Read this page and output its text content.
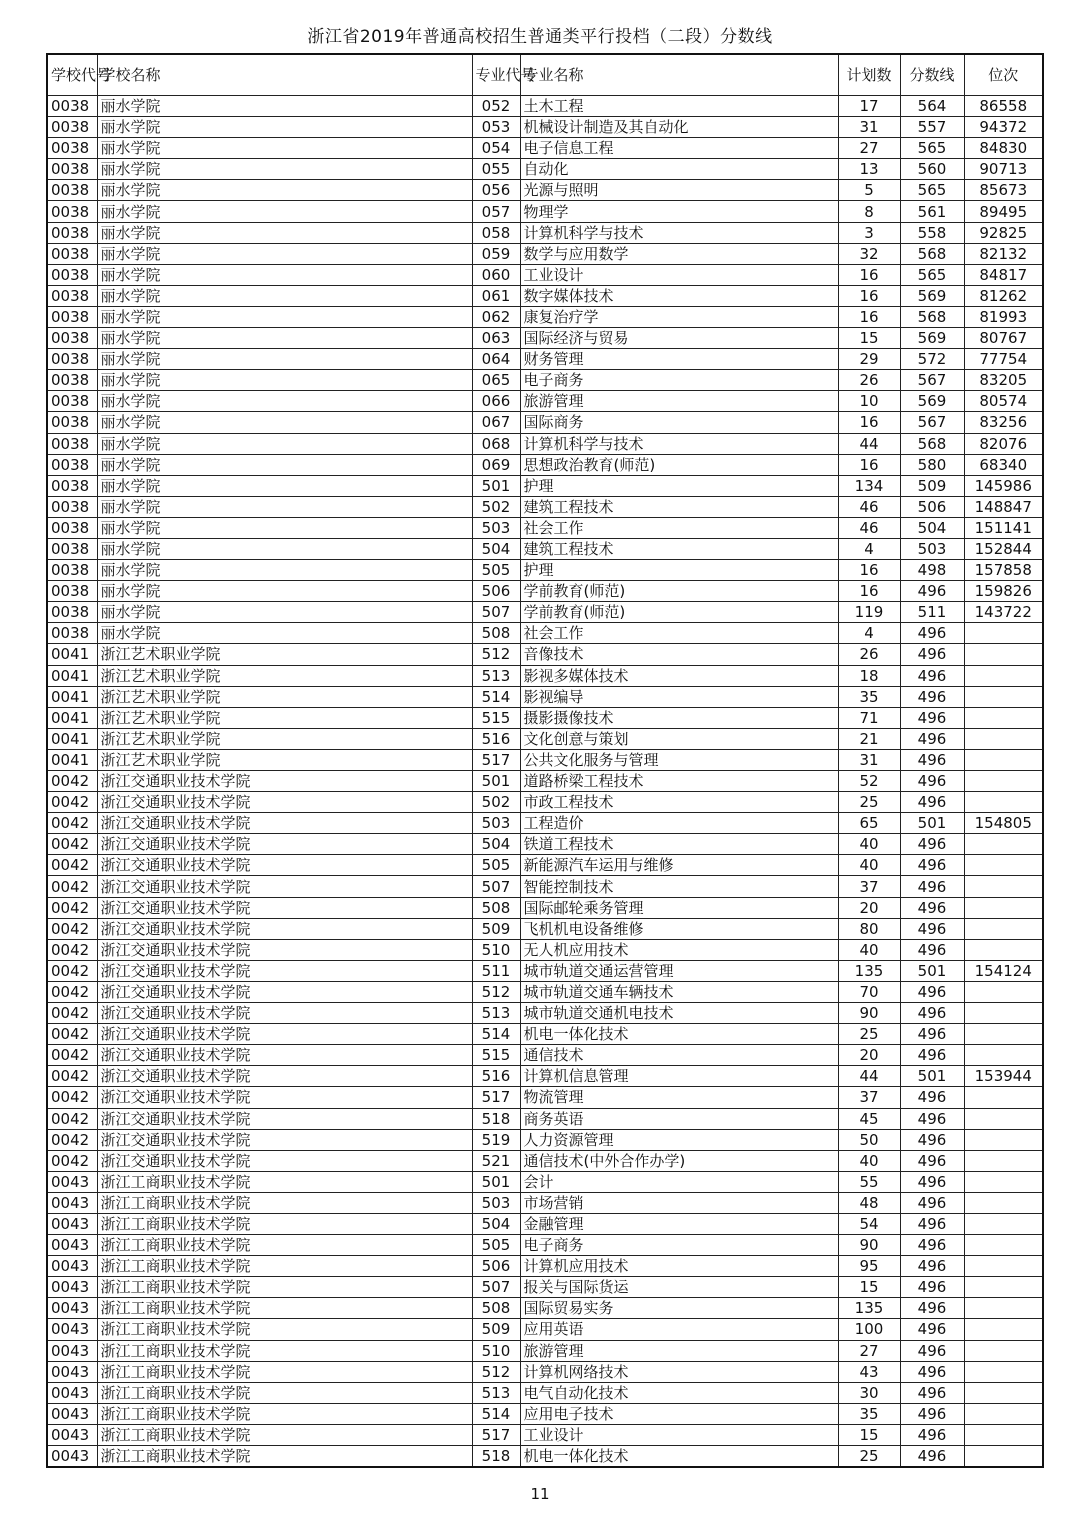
浙江省2019年普通高校招生普通类平行投档（二段）分数线
学校代号	学校名称	专业代号	专业名称	计划数	分数线	位次
0038	丽水学院	052	土木工程	17	564	86558
0038	丽水学院	053	机械设计制造及其自动化	31	557	94372
0038	丽水学院	054	电子信息工程	27	565	84830
0038	丽水学院	055	自动化	13	560	90713
0038	丽水学院	056	光源与照明	5	565	85673
0038	丽水学院	057	物理学	8	561	89495
0038	丽水学院	058	计算机科学与技术	3	558	92825
0038	丽水学院	059	数学与应用数学	32	568	82132
0038	丽水学院	060	工业设计	16	565	84817
0038	丽水学院	061	数字媒体技术	16	569	81262
0038	丽水学院	062	康复治疗学	16	568	81993
0038	丽水学院	063	国际经济与贸易	15	569	80767
0038	丽水学院	064	财务管理	29	572	77754
0038	丽水学院	065	电子商务	26	567	83205
0038	丽水学院	066	旅游管理	10	569	80574
0038	丽水学院	067	国际商务	16	567	83256
0038	丽水学院	068	计算机科学与技术	44	568	82076
0038	丽水学院	069	思想政治教育(师范)	16	580	68340
0038	丽水学院	501	护理	134	509	145986
0038	丽水学院	502	建筑工程技术	46	506	148847
0038	丽水学院	503	社会工作	46	504	151141
0038	丽水学院	504	建筑工程技术	4	503	152844
0038	丽水学院	505	护理	16	498	157858
0038	丽水学院	506	学前教育(师范)	16	496	159826
0038	丽水学院	507	学前教育(师范)	119	511	143722
0038	丽水学院	508	社会工作	4	496	
0041	浙江艺术职业学院	512	音像技术	26	496	
0041	浙江艺术职业学院	513	影视多媒体技术	18	496	
0041	浙江艺术职业学院	514	影视编导	35	496	
0041	浙江艺术职业学院	515	摄影摄像技术	71	496	
0041	浙江艺术职业学院	516	文化创意与策划	21	496	
0041	浙江艺术职业学院	517	公共文化服务与管理	31	496	
0042	浙江交通职业技术学院	501	道路桥梁工程技术	52	496	
0042	浙江交通职业技术学院	502	市政工程技术	25	496	
0042	浙江交通职业技术学院	503	工程造价	65	501	154805
0042	浙江交通职业技术学院	504	铁道工程技术	40	496	
0042	浙江交通职业技术学院	505	新能源汽车运用与维修	40	496	
0042	浙江交通职业技术学院	507	智能控制技术	37	496	
0042	浙江交通职业技术学院	508	国际邮轮乘务管理	20	496	
0042	浙江交通职业技术学院	509	飞机机电设备维修	80	496	
0042	浙江交通职业技术学院	510	无人机应用技术	40	496	
0042	浙江交通职业技术学院	511	城市轨道交通运营管理	135	501	154124
0042	浙江交通职业技术学院	512	城市轨道交通车辆技术	70	496	
0042	浙江交通职业技术学院	513	城市轨道交通机电技术	90	496	
0042	浙江交通职业技术学院	514	机电一体化技术	25	496	
0042	浙江交通职业技术学院	515	通信技术	20	496	
0042	浙江交通职业技术学院	516	计算机信息管理	44	501	153944
0042	浙江交通职业技术学院	517	物流管理	37	496	
0042	浙江交通职业技术学院	518	商务英语	45	496	
0042	浙江交通职业技术学院	519	人力资源管理	50	496	
0042	浙江交通职业技术学院	521	通信技术(中外合作办学)	40	496	
0043	浙江工商职业技术学院	501	会计	55	496	
0043	浙江工商职业技术学院	503	市场营销	48	496	
0043	浙江工商职业技术学院	504	金融管理	54	496	
0043	浙江工商职业技术学院	505	电子商务	90	496	
0043	浙江工商职业技术学院	506	计算机应用技术	95	496	
0043	浙江工商职业技术学院	507	报关与国际货运	15	496	
0043	浙江工商职业技术学院	508	国际贸易实务	135	496	
0043	浙江工商职业技术学院	509	应用英语	100	496	
0043	浙江工商职业技术学院	510	旅游管理	27	496	
0043	浙江工商职业技术学院	512	计算机网络技术	43	496	
0043	浙江工商职业技术学院	513	电气自动化技术	30	496	
0043	浙江工商职业技术学院	514	应用电子技术	35	496	
0043	浙江工商职业技术学院	517	工业设计	15	496	
0043	浙江工商职业技术学院	518	机电一体化技术	25	496	
11
